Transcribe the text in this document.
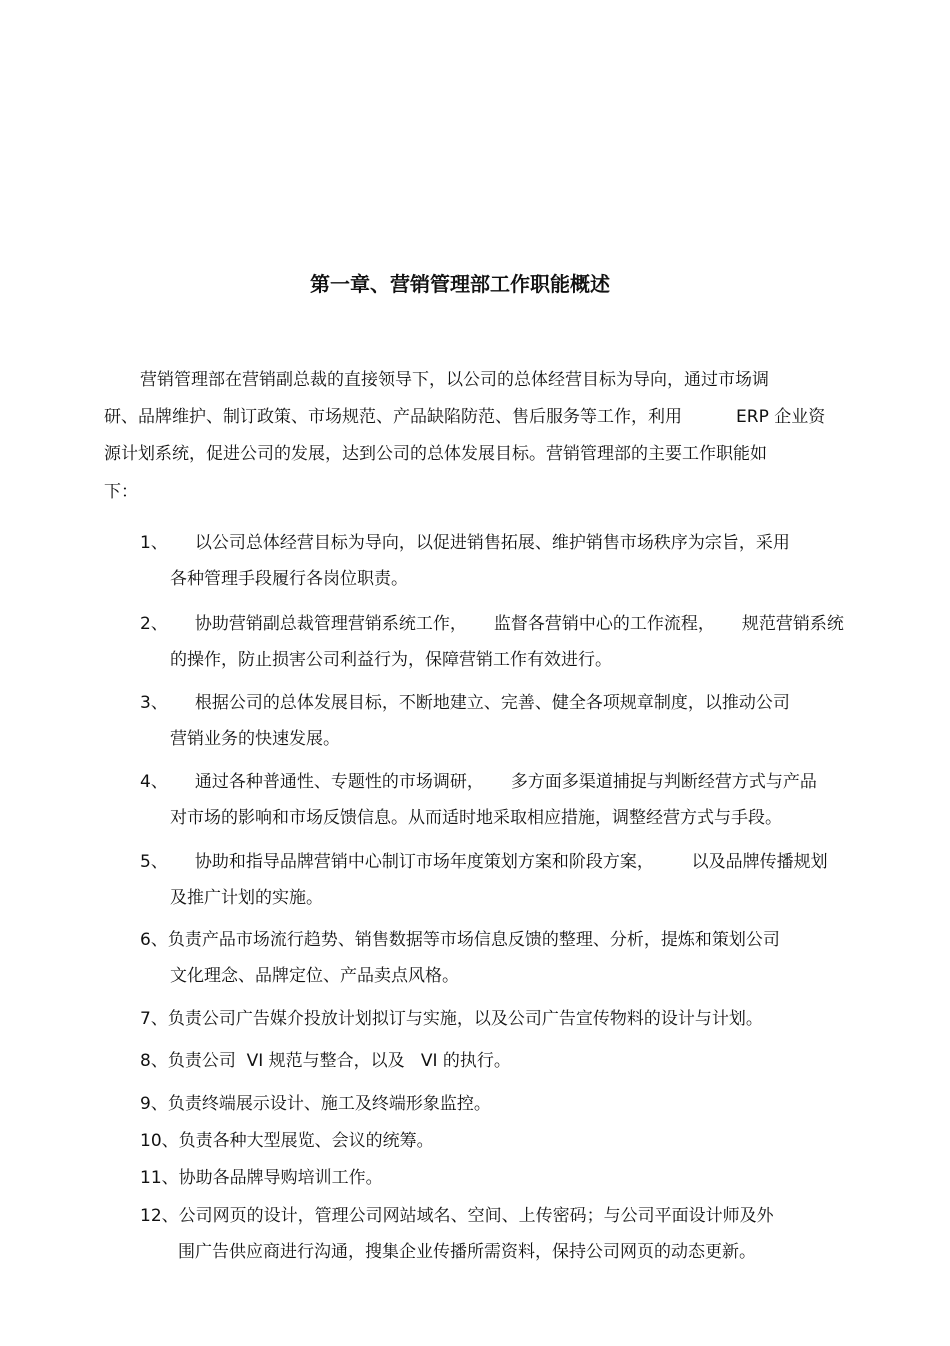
第一章、营销管理部工作职能概述

营销管理部在营销副总裁的直接领导下，以公司的总体经营目标为导向，通过市场调

研、品牌维护、制订政策、市场规范、产品缺陷防范、售后服务等工作，利用          ERP 企业资

源计划系统，促进公司的发展，达到公司的总体发展目标。营销管理部的主要工作职能如

下：

1、     以公司总体经营目标为导向，以促进销售拓展、维护销售市场秩序为宗旨，采用

各种管理手段履行各岗位职责。

2、     协助营销副总裁管理营销系统工作，     监督各营销中心的工作流程，     规范营销系统

的操作，防止损害公司利益行为，保障营销工作有效进行。

3、     根据公司的总体发展目标，不断地建立、完善、健全各项规章制度，以推动公司

营销业务的快速发展。

4、     通过各种普通性、专题性的市场调研，     多方面多渠道捕捉与判断经营方式与产品

对市场的影响和市场反馈信息。从而适时地采取相应措施，调整经营方式与手段。

5、     协助和指导品牌营销中心制订市场年度策划方案和阶段方案，       以及品牌传播规划

及推广计划的实施。

6、负责产品市场流行趋势、销售数据等市场信息反馈的整理、分析，提炼和策划公司

文化理念、品牌定位、产品卖点风格。

7、负责公司广告媒介投放计划拟订与实施，以及公司广告宣传物料的设计与计划。

8、负责公司  VI 规范与整合，以及   VI 的执行。

9、负责终端展示设计、施工及终端形象监控。

10、负责各种大型展览、会议的统筹。

11、协助各品牌导购培训工作。

12、公司网页的设计，管理公司网站域名、空间、上传密码；与公司平面设计师及外

围广告供应商进行沟通，搜集企业传播所需资料，保持公司网页的动态更新。
